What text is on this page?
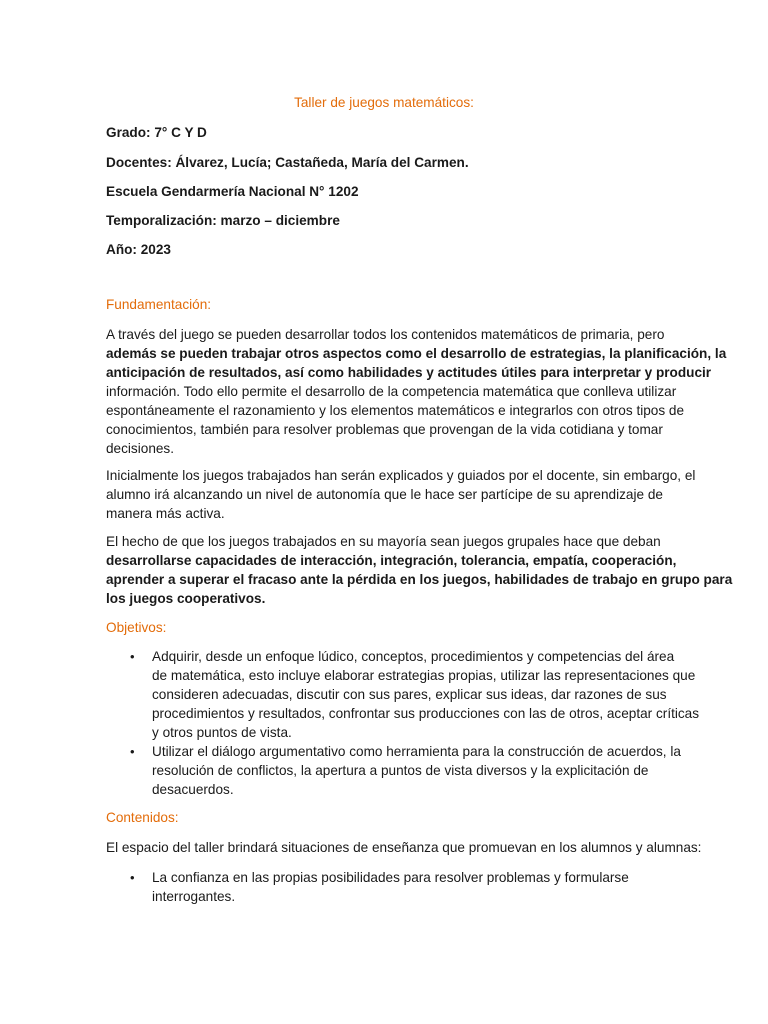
Taller de juegos matemáticos:
Grado: 7° C Y D
Docentes: Álvarez, Lucía; Castañeda, María del Carmen.
Escuela Gendarmería Nacional N° 1202
Temporalización: marzo – diciembre
Año: 2023
Fundamentación:
A través del juego se pueden desarrollar todos los contenidos matemáticos de primaria, pero
además se pueden trabajar otros aspectos como el desarrollo de estrategias, la planificación, la
anticipación de resultados, así como habilidades y actitudes útiles para interpretar y producir
información. Todo ello permite el desarrollo de la competencia matemática que conlleva utilizar
espontáneamente el razonamiento y los elementos matemáticos e integrarlos con otros tipos de
conocimientos, también para resolver problemas que provengan de la vida cotidiana y tomar
decisiones.
Inicialmente los juegos trabajados han serán explicados y guiados por el docente, sin embargo, el
alumno irá alcanzando un nivel de autonomía que le hace ser partícipe de su aprendizaje de
manera más activa.
El hecho de que los juegos trabajados en su mayoría sean juegos grupales hace que deban
desarrollarse capacidades de interacción, integración, tolerancia, empatía, cooperación,
aprender a superar el fracaso ante la pérdida en los juegos, habilidades de trabajo en grupo para
los juegos cooperativos.
Objetivos:
• Adquirir, desde un enfoque lúdico, conceptos, procedimientos y competencias del área
de matemática, esto incluye elaborar estrategias propias, utilizar las representaciones que
consideren adecuadas, discutir con sus pares, explicar sus ideas, dar razones de sus
procedimientos y resultados, confrontar sus producciones con las de otros, aceptar críticas
y otros puntos de vista.
• Utilizar el diálogo argumentativo como herramienta para la construcción de acuerdos, la
resolución de conflictos, la apertura a puntos de vista diversos y la explicitación de
desacuerdos.
Contenidos:
El espacio del taller brindará situaciones de enseñanza que promuevan en los alumnos y alumnas:
• La confianza en las propias posibilidades para resolver problemas y formularse
interrogantes.
